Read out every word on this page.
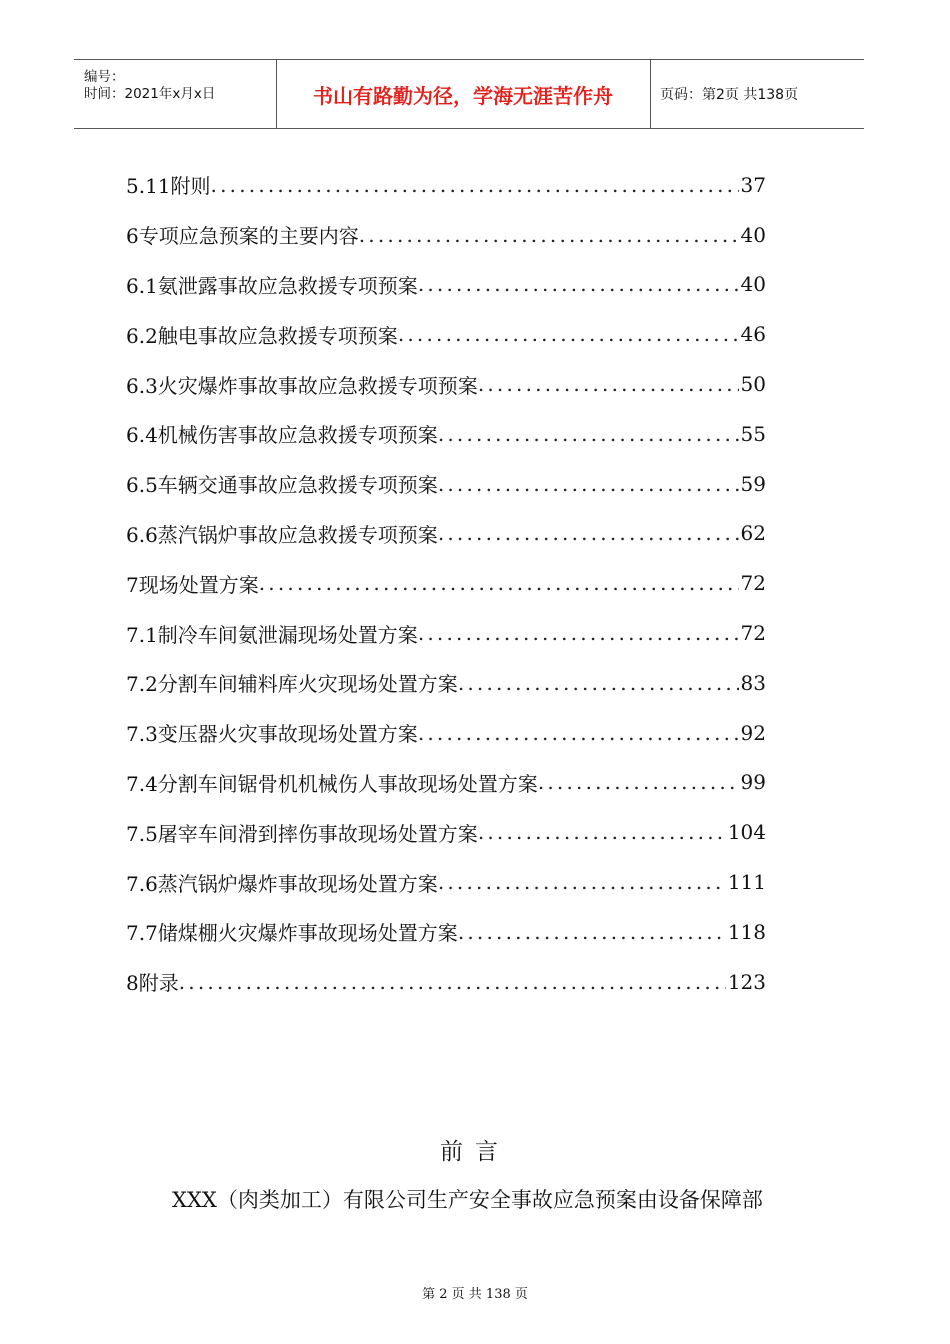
编号：
时间：2021年x月x日	书山有路勤为径，学海无涯苦作舟	页码：第2页 共138页
5.11附则 .....	37
6专项应急预案的主要内容 .....	40
6.1氨泄露事故应急救援专项预案 .....	40
6.2触电事故应急救援专项预案 .....	46
6.3火灾爆炸事故事故应急救援专项预案 .....	50
6.4机械伤害事故应急救援专项预案 .....	55
6.5车辆交通事故应急救援专项预案 .....	59
6.6蒸汽锅炉事故应急救援专项预案 .....	62
7现场处置方案 .....	72
7.1制冷车间氨泄漏现场处置方案 .....	72
7.2分割车间辅料库火灾现场处置方案 .....	83
7.3变压器火灾事故现场处置方案 .....	92
7.4分割车间锯骨机机械伤人事故现场处置方案 .....	99
7.5屠宰车间滑到摔伤事故现场处置方案 .....	104
7.6蒸汽锅炉爆炸事故现场处置方案 .....	111
7.7储煤棚火灾爆炸事故现场处置方案 .....	118
8附录 .....	123
前言
XXX（肉类加工）有限公司生产安全事故应急预案由设备保障部
第 2 页 共 138 页
